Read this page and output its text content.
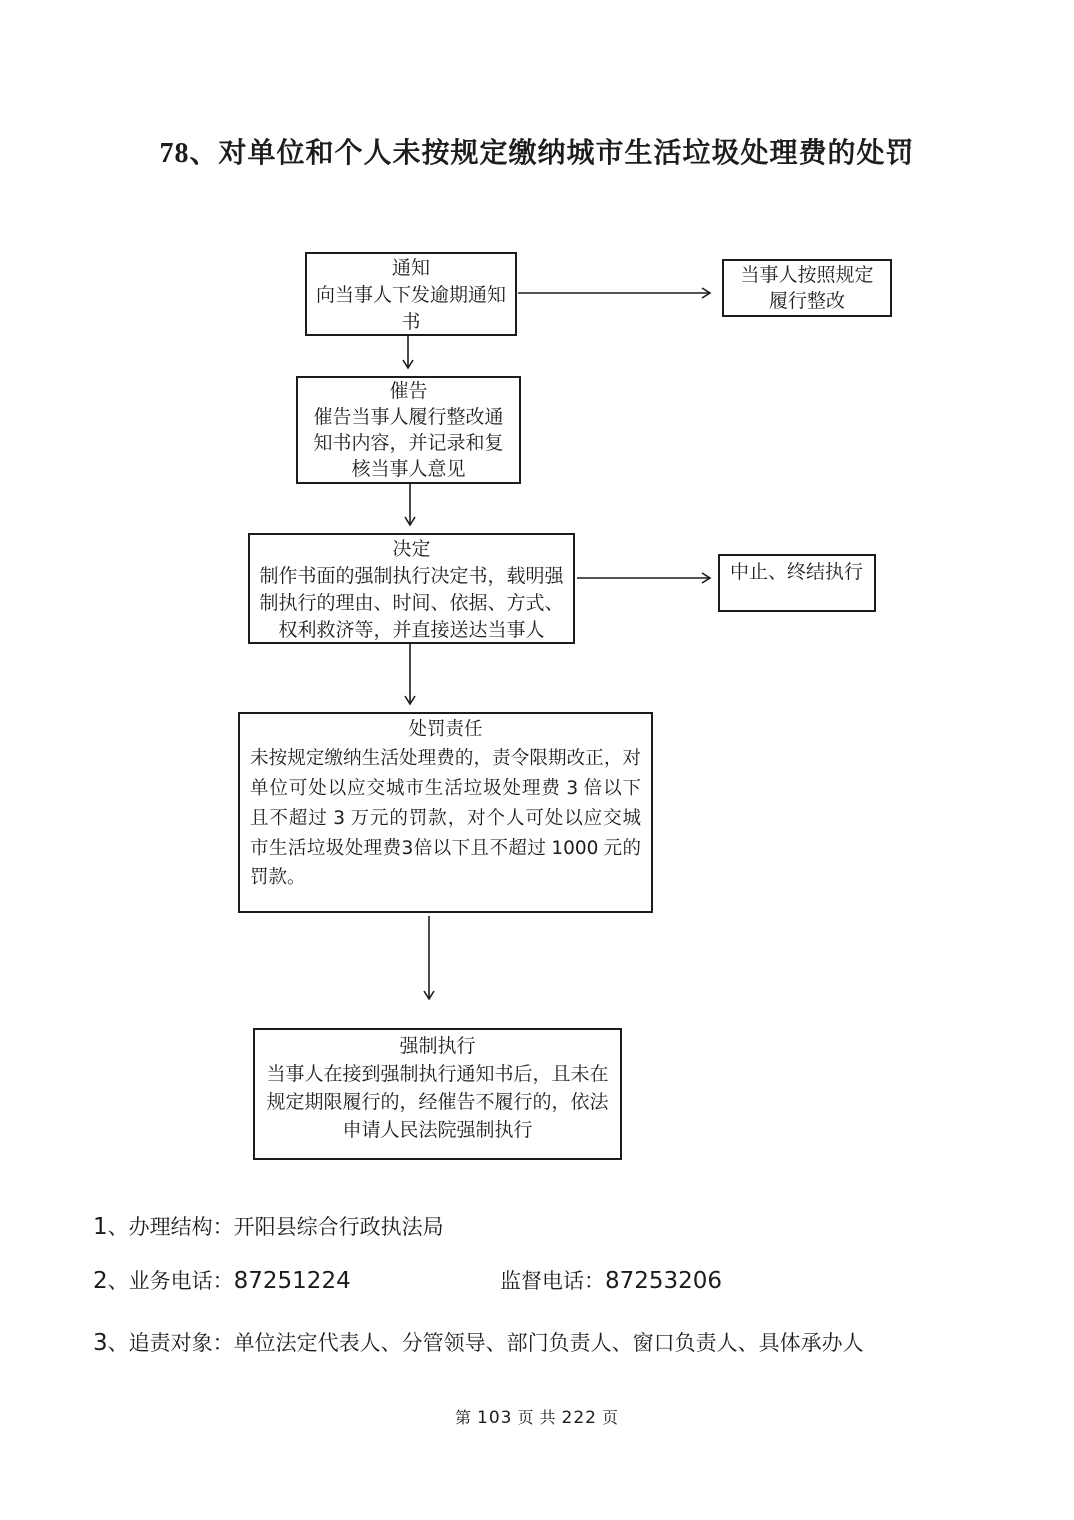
78、对单位和个人未按规定缴纳城市生活垃圾处理费的处罚
通知
向当事人下发逾期通知书
当事人按照规定履行整改
催告
催告当事人履行整改通知书内容，并记录和复核当事人意见
决定
制作书面的强制执行决定书，载明强制执行的理由、时间、依据、方式、权利救济等，并直接送达当事人
中止、终结执行
处罚责任
未按规定缴纳生活处理费的，责令限期改正，对单位可处以应交城市生活垃圾处理费 3 倍以下且不超过 3 万元的罚款，对个人可处以应交城市生活垃圾处理费3倍以下且不超过 1000 元的罚款。
强制执行
当事人在接到强制执行通知书后，且未在规定期限履行的，经催告不履行的，依法申请人民法院强制执行
1、办理结构：开阳县综合行政执法局
2、业务电话：87251224	监督电话：87253206
3、追责对象：单位法定代表人、分管领导、部门负责人、窗口负责人、具体承办人
第 103 页 共 222 页
